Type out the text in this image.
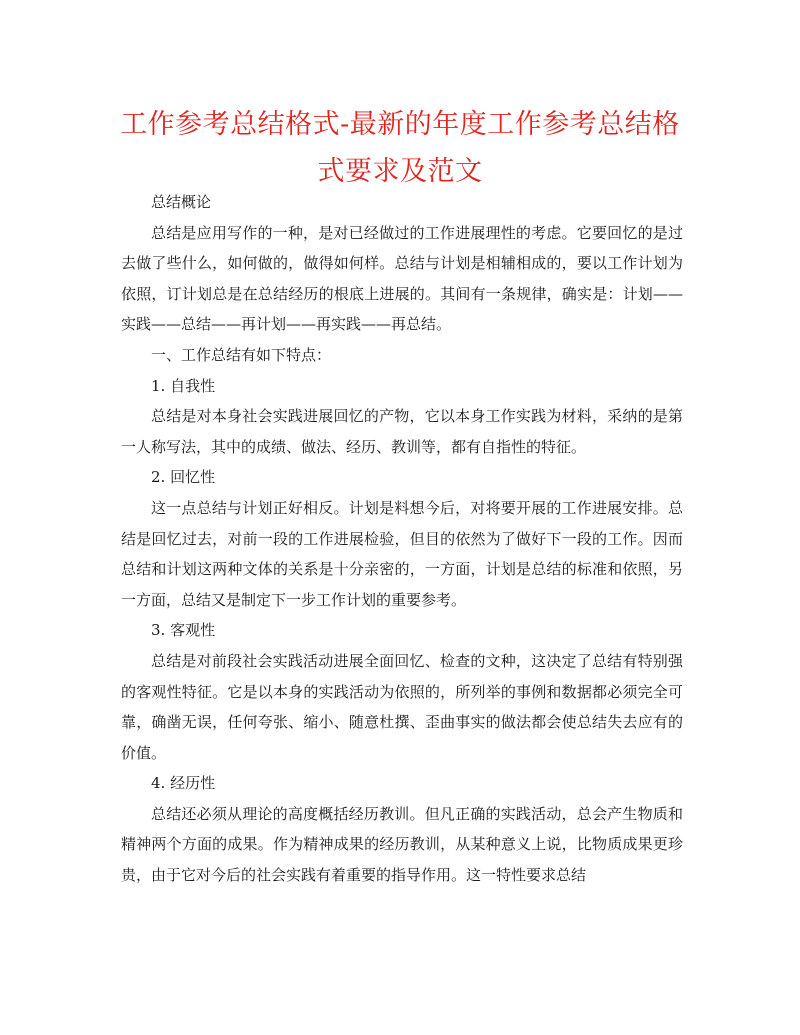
工作参考总结格式-最新的年度工作参考总结格式要求及范文

总结概论

总结是应用写作的一种，是对已经做过的工作进展理性的考虑。它要回忆的是过去做了些什么，如何做的，做得如何样。总结与计划是相辅相成的，要以工作计划为依照，订计划总是在总结经历的根底上进展的。其间有一条规律，确实是：计划——实践——总结——再计划——再实践——再总结。

一、工作总结有如下特点：

1. 自我性

总结是对本身社会实践进展回忆的产物，它以本身工作实践为材料，采纳的是第一人称写法，其中的成绩、做法、经历、教训等，都有自指性的特征。

2. 回忆性

这一点总结与计划正好相反。计划是料想今后，对将要开展的工作进展安排。总结是回忆过去，对前一段的工作进展检验，但目的依然为了做好下一段的工作。因而总结和计划这两种文体的关系是十分亲密的，一方面，计划是总结的标准和依照，另一方面，总结又是制定下一步工作计划的重要参考。

3. 客观性

总结是对前段社会实践活动进展全面回忆、检查的文种，这决定了总结有特别强的客观性特征。它是以本身的实践活动为依照的，所列举的事例和数据都必须完全可靠，确凿无误，任何夸张、缩小、随意杜撰、歪曲事实的做法都会使总结失去应有的价值。

4. 经历性

总结还必须从理论的高度概括经历教训。但凡正确的实践活动，总会产生物质和精神两个方面的成果。作为精神成果的经历教训，从某种意义上说，比物质成果更珍贵，由于它对今后的社会实践有着重要的指导作用。这一特性要求总结
